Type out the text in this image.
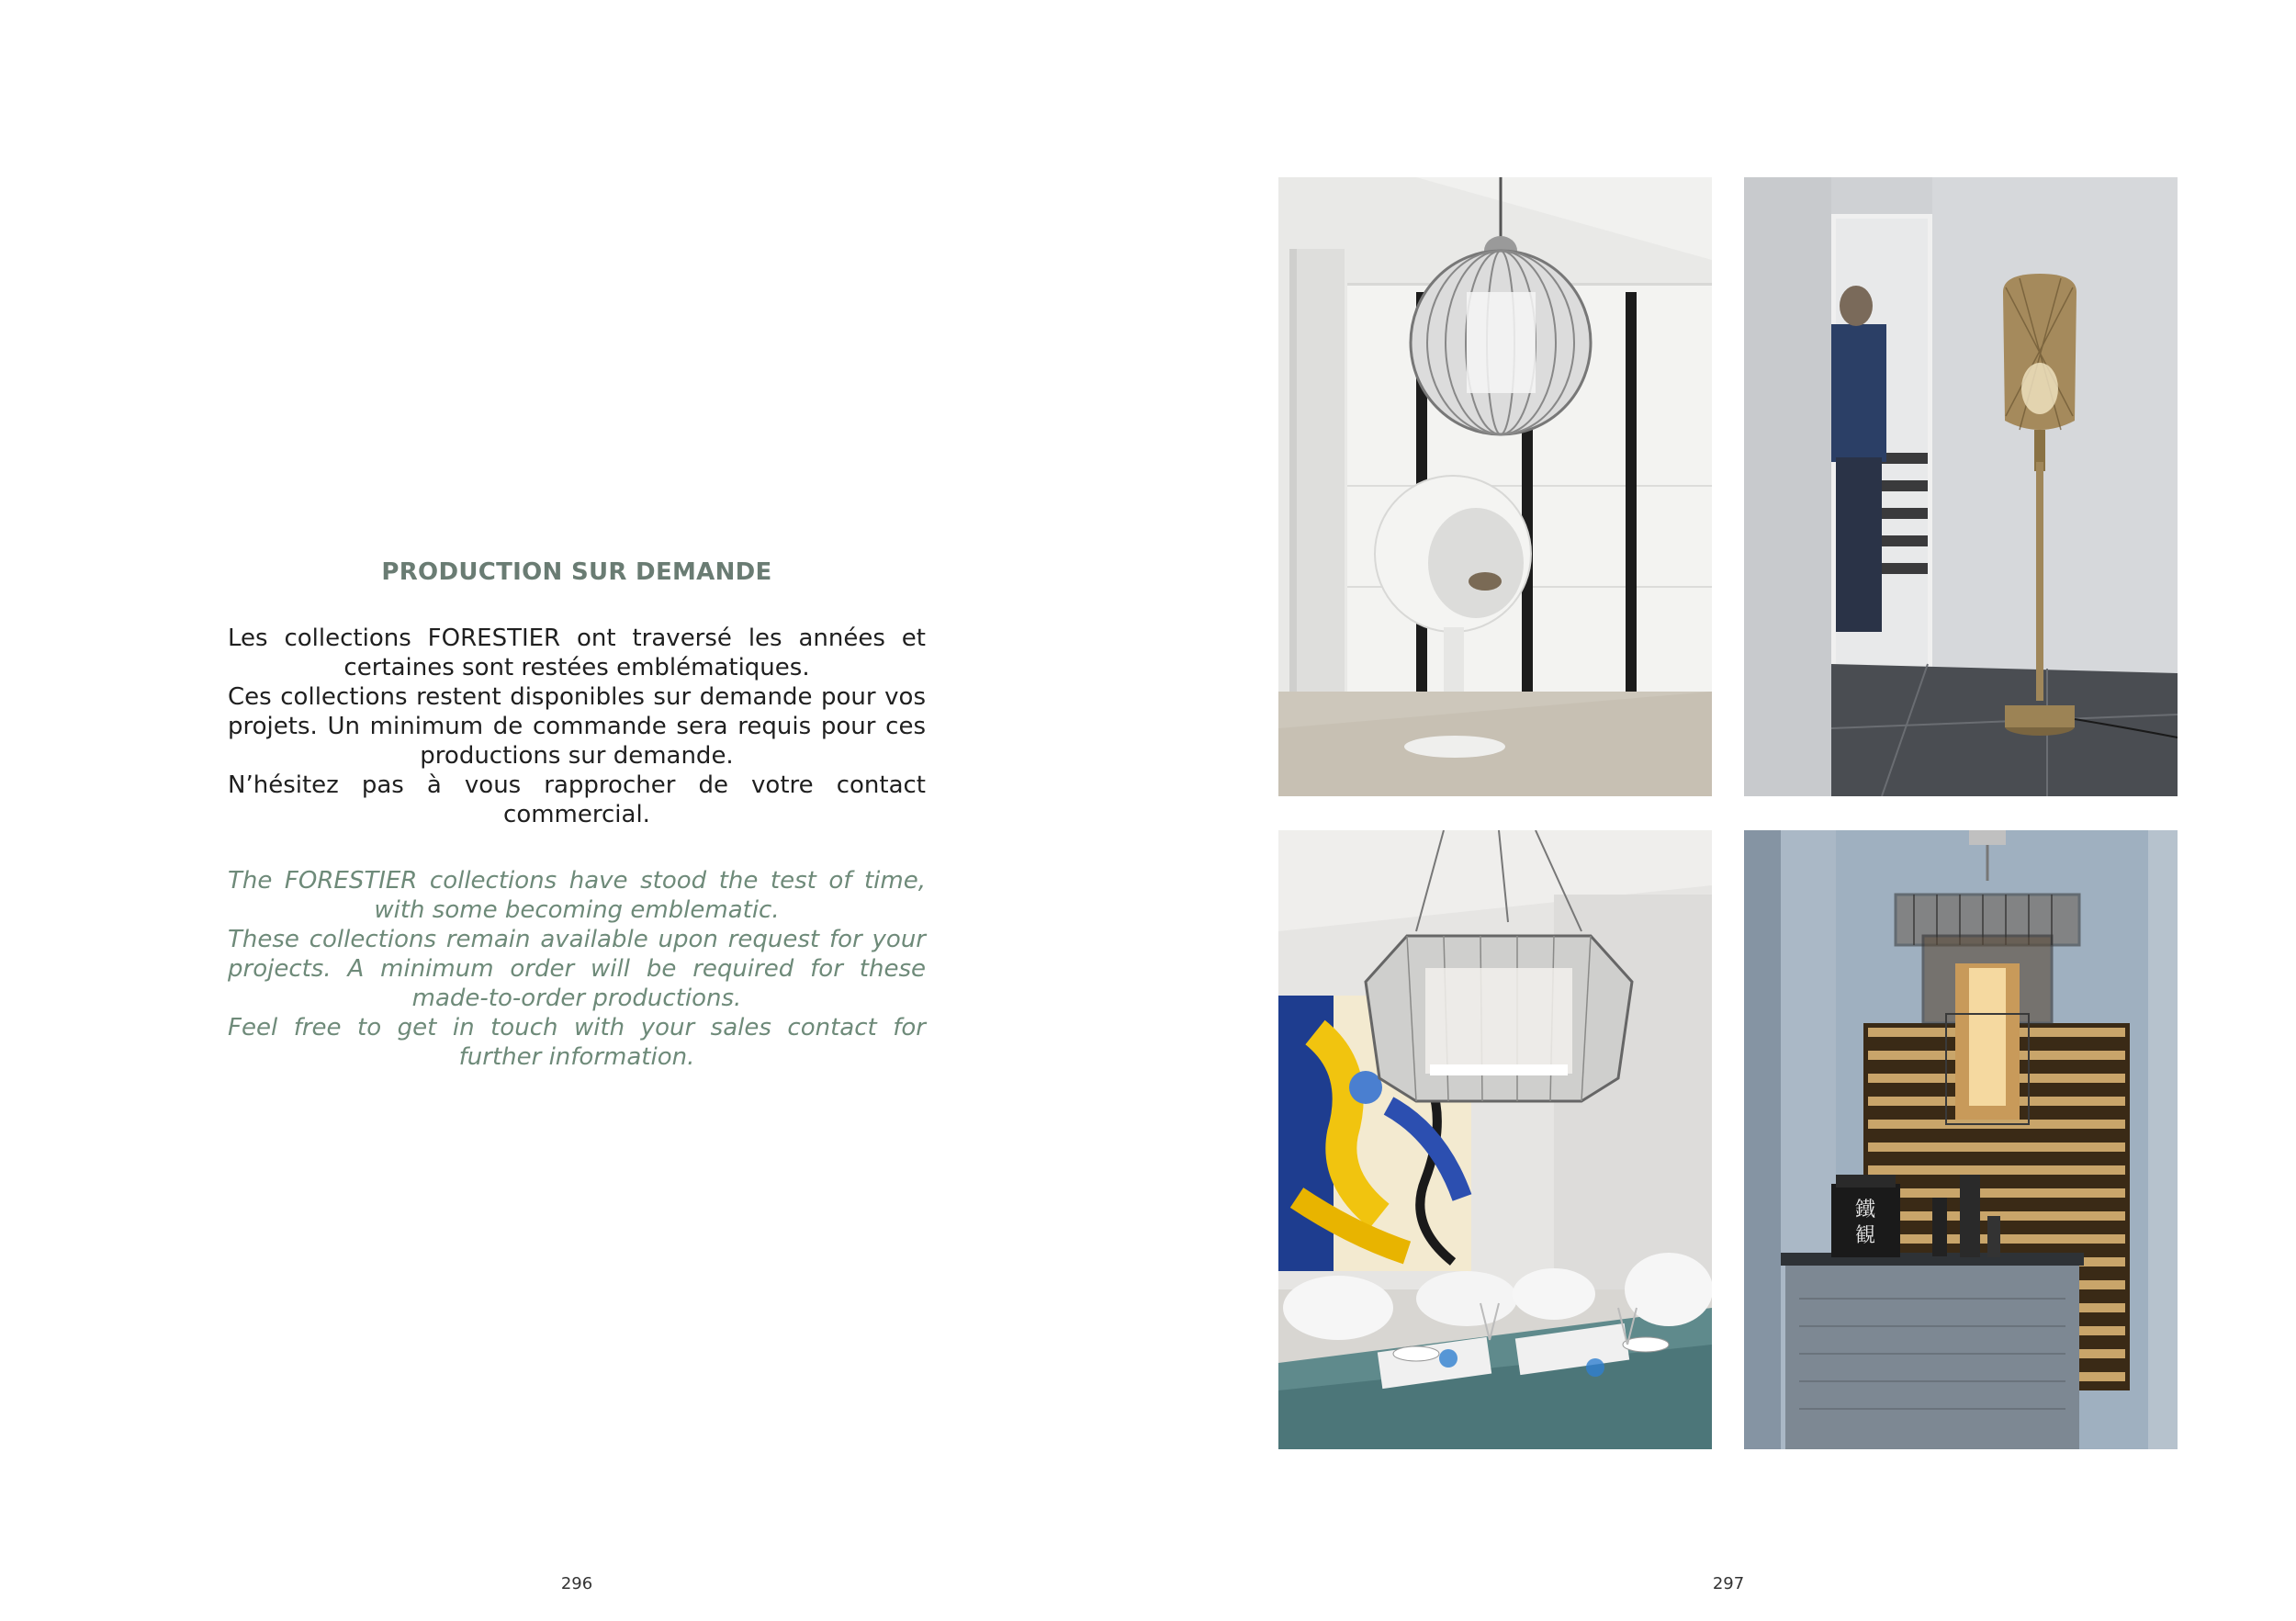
PRODUCTION SUR DEMANDE

Les collections FORESTIER ont traversé les années et certaines sont restées emblématiques.

Ces collections restent disponibles sur demande pour vos projets. Un minimum de commande sera requis pour ces productions sur demande.

N’hésitez pas à vous rapprocher de votre contact commercial.

The FORESTIER collections have stood the test of time, with some becoming emblematic.

These collections remain available upon request for your projects. A minimum order will be required for these made-to-order productions.

Feel free to get in touch with your sales contact for further information.

296
鐵
観
297
